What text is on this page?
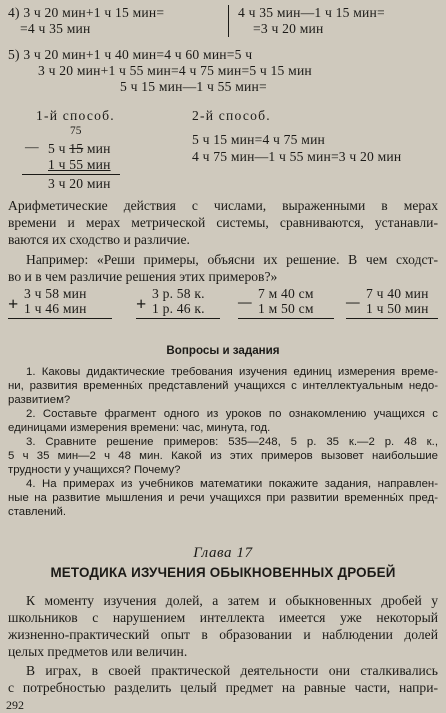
4) 3 ч 20 мин+1 ч 15 мин=
=4 ч 35 мин
4 ч 35 мин—1 ч 15 мин=
=3 ч 20 мин
5) 3 ч 20 мин+1 ч 40 мин=4 ч 60 мин=5 ч
3 ч 20 мин+1 ч 55 мин=4 ч 75 мин=5 ч 15 мин
5 ч 15 мин—1 ч 55 мин=
1-й способ.	2-й способ.
75
— 5 ч 15 мин
1 ч 55 мин
3 ч 20 мин
5 ч 15 мин=4 ч 75 мин
4 ч 75 мин—1 ч 55 мин=3 ч 20 мин
Арифметические действия с числами, выраженными в мерах
времени и мерах метрической системы, сравниваются, устанавли-
ваются их сходство и различие.
Например: «Реши примеры, объясни их решение. В чем сходст-
во и в чем различие решения этих примеров?»
+
3 ч 58 мин
1 ч 46 мин	+
3 р. 58 к.
1 р. 46 к. —
7 м 40 см
1 м 50 см —
7 ч 40 мин
1 ч 50 мин
Вопросы и задания
1. Каковы дидактические требования изучения единиц измерения време-
ни, развития временны́х представлений учащихся с интеллектуальным недо-
развитием?
2. Составьте фрагмент одного из уроков по ознакомлению учащихся с
единицами измерения времени: час, минута, год.
3. Сравните решение примеров: 535—248, 5 р. 35 к.—2 р. 48 к.,
5 ч 35 мин—2 ч 48 мин. Какой из этих примеров вызовет наибольшие
трудности у учащихся? Почему?
4. На примерах из учебников математики покажите задания, направлен-
ные на развитие мышления и речи учащихся при развитии временны́х пред-
ставлений.
Глава 17
МЕТОДИКА ИЗУЧЕНИЯ ОБЫКНОВЕННЫХ ДРОБЕЙ
К моменту изучения долей, а затем и обыкновенных дробей у
школьников с нарушением интеллекта имеется уже некоторый
жизненно-практический опыт в образовании и наблюдении долей
целых предметов или величин.
В играх, в своей практической деятельности они сталкивались
с потребностью разделить целый предмет на равные части, напри-
292
